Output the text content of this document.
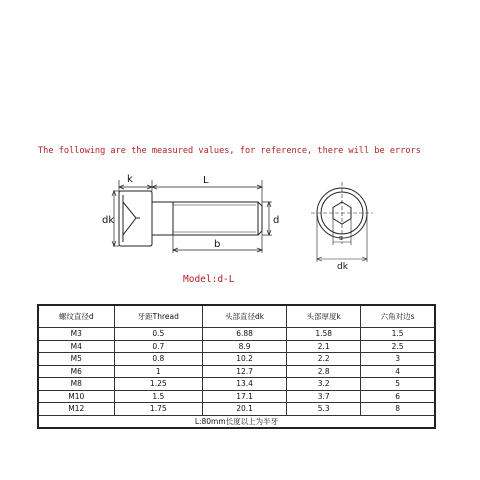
The following are the measured values, for reference, there will be errors
k	L
dk	d
b
s
dk
Model:d-L
螺纹直径d	牙距Thread	头部直径dk	头部厚度k	六角对边s
M3	0.5	6.88	1.58	1.5
M4	0.7	8.9	2.1	2.5
M5	0.8	10.2	2.2	3
M6	1	12.7	2.8	4
M8	1.25	13.4	3.2	5
M10	1.5	17.1	3.7	6
M12	1.75	20.1	5.3	8
L:80mm长度以上为半牙				
